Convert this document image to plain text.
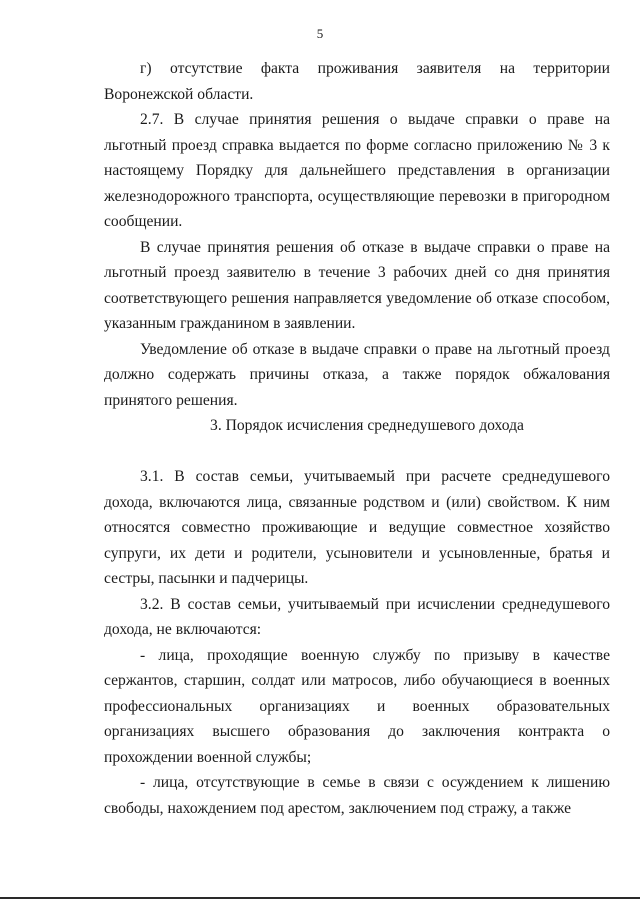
5

г) отсутствие факта проживания заявителя на территории Воронежской области.

2.7. В случае принятия решения о выдаче справки о праве на льготный проезд справка выдается по форме согласно приложению № 3 к настоящему Порядку для дальнейшего представления в организации железнодорожного транспорта, осуществляющие перевозки в пригородном сообщении.

В случае принятия решения об отказе в выдаче справки о праве на льготный проезд заявителю в течение 3 рабочих дней со дня принятия соответствующего решения направляется уведомление об отказе способом, указанным гражданином в заявлении.

Уведомление об отказе в выдаче справки о праве на льготный проезд должно содержать причины отказа, а также порядок обжалования принятого решения.

3. Порядок исчисления среднедушевого дохода

3.1. В состав семьи, учитываемый при расчете среднедушевого дохода, включаются лица, связанные родством и (или) свойством. К ним относятся совместно проживающие и ведущие совместное хозяйство супруги, их дети и родители, усыновители и усыновленные, братья и сестры, пасынки и падчерицы.

3.2. В состав семьи, учитываемый при исчислении среднедушевого дохода, не включаются:

- лица, проходящие военную службу по призыву в качестве сержантов, старшин, солдат или матросов, либо обучающиеся в военных профессиональных организациях и военных образовательных организациях высшего образования до заключения контракта о прохождении военной службы;

- лица, отсутствующие в семье в связи с осуждением к лишению свободы, нахождением под арестом, заключением под стражу, а также
